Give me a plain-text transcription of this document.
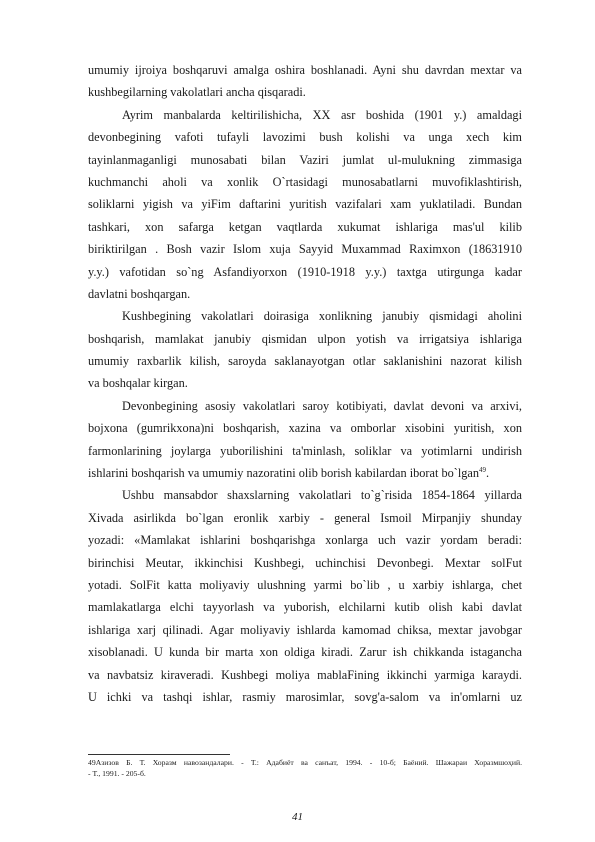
umumiy ijroiya boshqaruvi amalga oshira boshlanadi. Ayni shu davrdan mextar va
kushbegilarning vakolatlari ancha qisqaradi.
Ayrim manbalarda keltirilishicha, XX asr boshida (1901 y.) amaldagi
devonbegining vafoti tufayli lavozimi bush kolishi va unga xech kim
tayinlanmaganligi munosabati bilan Vaziri jumlat ul-mulukning zimmasiga
kuchmanchi aholi va xonlik O`rtasidagi munosabatlarni muvofiklashtirish,
soliklarni yigish va yiFim daftarini yuritish vazifalari xam yuklatiladi. Bundan
tashkari, xon safarga ketgan vaqtlarda xukumat ishlariga mas'ul kilib
biriktirilgan . Bosh vazir Islom xuja Sayyid Muxammad Raximxon (18631910
y.y.) vafotidan so`ng Asfandiyorxon (1910-1918 y.y.) taxtga utirgunga kadar
davlatni boshqargan.
Kushbegining vakolatlari doirasiga xonlikning janubiy qismidagi aholini
boshqarish, mamlakat janubiy qismidan ulpon yotish va irrigatsiya ishlariga
umumiy raxbarlik kilish, saroyda saklanayotgan otlar saklanishini nazorat kilish
va boshqalar kirgan.
Devonbegining asosiy vakolatlari saroy kotibiyati, davlat devoni va arxivi,
bojxona (gumrikxona)ni boshqarish, xazina va omborlar xisobini yuritish, xon
farmonlarining joylarga yuborilishini ta'minlash, soliklar va yotimlarni undirish
ishlarini boshqarish va umumiy nazoratini olib borish kabilardan iborat bo`lgan$^{49}$.
Ushbu mansabdor shaxslarning vakolatlari to`g`risida 1854-1864 yillarda
Xivada asirlikda bo`lgan eronlik xarbiy - general Ismoil Mirpanjiy shunday
yozadi: «Mamlakat ishlarini boshqarishga xonlarga uch vazir yordam beradi:
birinchisi Meutar, ikkinchisi Kushbegi, uchinchisi Devonbegi. Mextar solFut
yotadi. SolFit katta moliyaviy ulushning yarmi bo`lib , u xarbiy ishlarga, chet
mamlakatlarga elchi tayyorlash va yuborish, elchilarni kutib olish kabi davlat
ishlariga xarj qilinadi. Agar moliyaviy ishlarda kamomad chiksa, mextar javobgar
xisoblanadi. U kunda bir marta xon oldiga kiradi. Zarur ish chikkanda istagancha
va navbatsiz kiraveradi. Kushbegi moliya mablaFining ikkinchi yarmiga karaydi.
U ichki va tashqi ishlar, rasmiy marosimlar, sovg'a-salom va in'omlarni uz
49Азизов Б. Т. Хоразм навозандалари. - Т.: Адабиёт ва санъат, 1994. - 10-б; Баёний. Шажараи Хоразмшоҳий.
- Т., 1991. - 205-б.
41
